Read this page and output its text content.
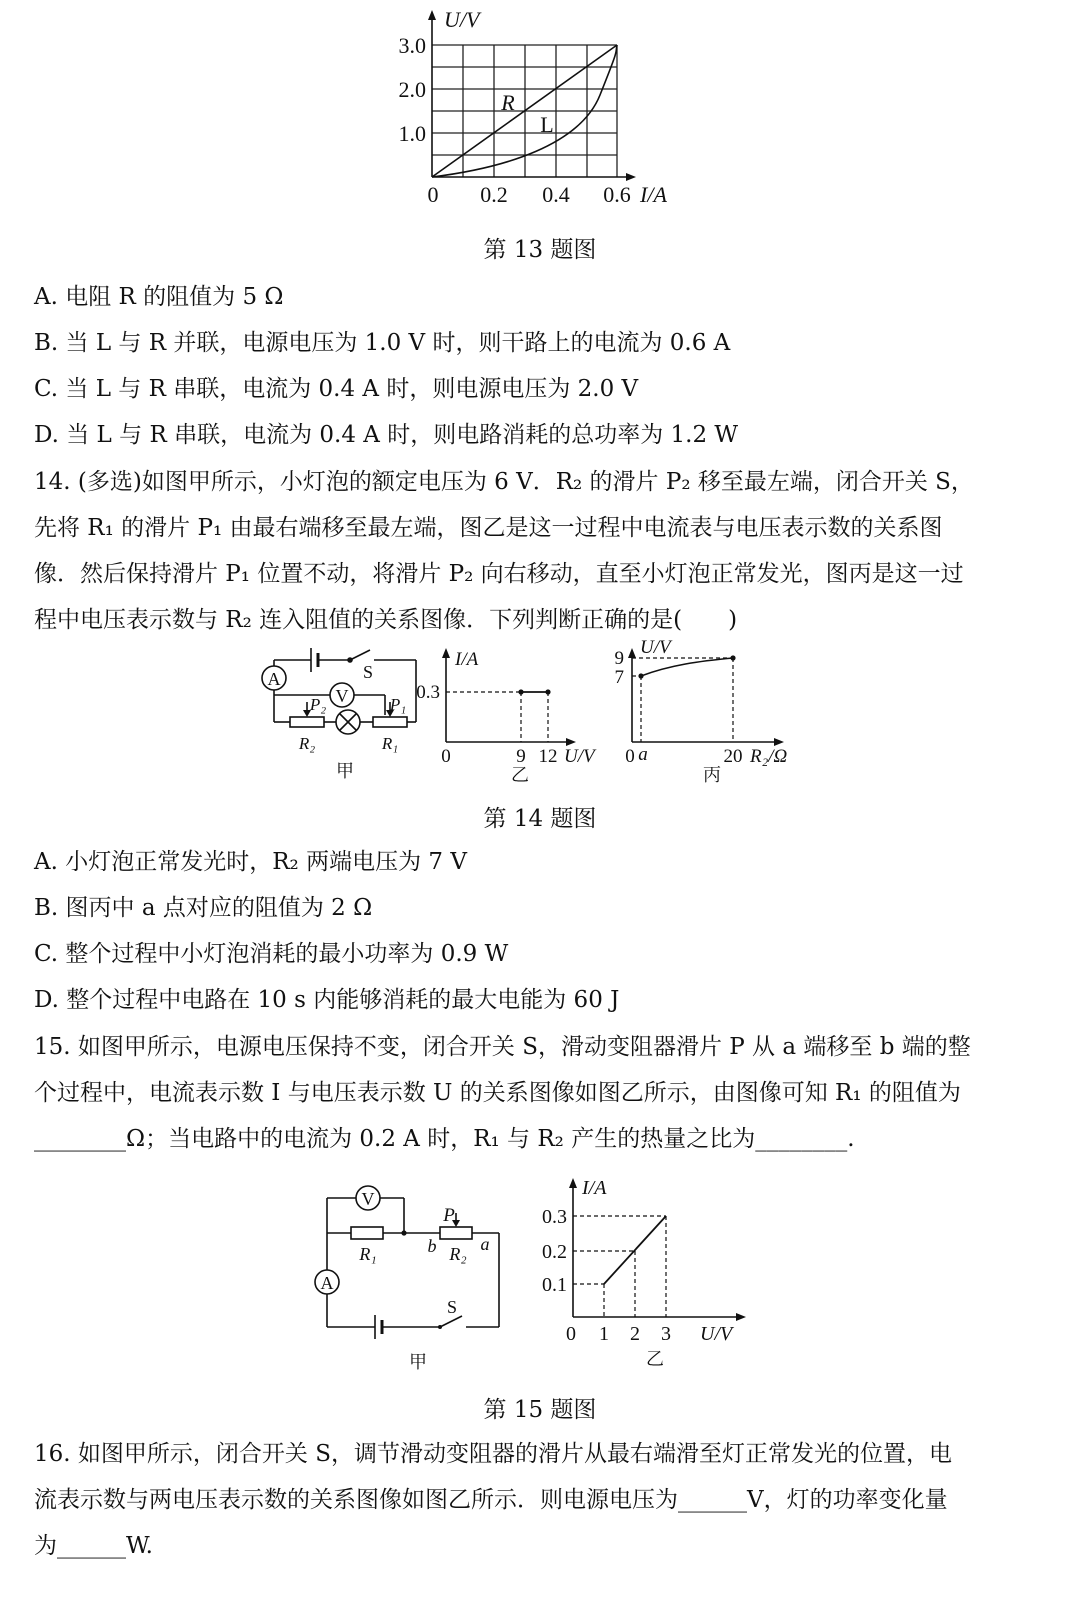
U/V
3.0
2.0
1.0
0 0.2 0.4 0.6 I/A
R
L
第 13 题图
A. 电阻 R 的阻值为 5 Ω
B. 当 L 与 R 并联，电源电压为 1.0 V 时，则干路上的电流为 0.6 A
C. 当 L 与 R 串联，电流为 0.4 A 时，则电源电压为 2.0 V
D. 当 L 与 R 串联，电流为 0.4 A 时，则电路消耗的总功率为 1.2 W
14. (多选)如图甲所示，小灯泡的额定电压为 6 V．R₂ 的滑片 P₂ 移至最左端，闭合开关 S，
先将 R₁ 的滑片 P₁ 由最右端移至最左端，图乙是这一过程中电流表与电压表示数的关系图
像．然后保持滑片 P₁ 位置不动，将滑片 P₂ 向右移动，直至小灯泡正常发光，图丙是这一过
程中电压表示数与 R₂ 连入阻值的关系图像．下列判断正确的是(　　)
A
V
S
P₂	P₁
R₂	R₁
甲
I/A
0.3
0	9 12 U/V
乙
U/V
9
7
0 a	20 R₂/Ω
丙
第 14 题图
A. 小灯泡正常发光时，R₂ 两端电压为 7 V
B. 图丙中 a 点对应的阻值为 2 Ω
C. 整个过程中小灯泡消耗的最小功率为 0.9 W
D. 整个过程中电路在 10 s 内能够消耗的最大电能为 60 J
15. 如图甲所示，电源电压保持不变，闭合开关 S，滑动变阻器滑片 P 从 a 端移至 b 端的整
个过程中，电流表示数 I 与电压表示数 U 的关系图像如图乙所示，由图像可知 R₁ 的阻值为
________Ω；当电路中的电流为 0.2 A 时，R₁ 与 R₂ 产生的热量之比为________.
V
A
S
R₁	R₂
P
b a
甲
I/A
0.3
0.2
0.1
0 1 2 3 U/V
乙
第 15 题图
16. 如图甲所示，闭合开关 S，调节滑动变阻器的滑片从最右端滑至灯正常发光的位置，电
流表示数与两电压表示数的关系图像如图乙所示．则电源电压为______V，灯的功率变化量
为______W.
